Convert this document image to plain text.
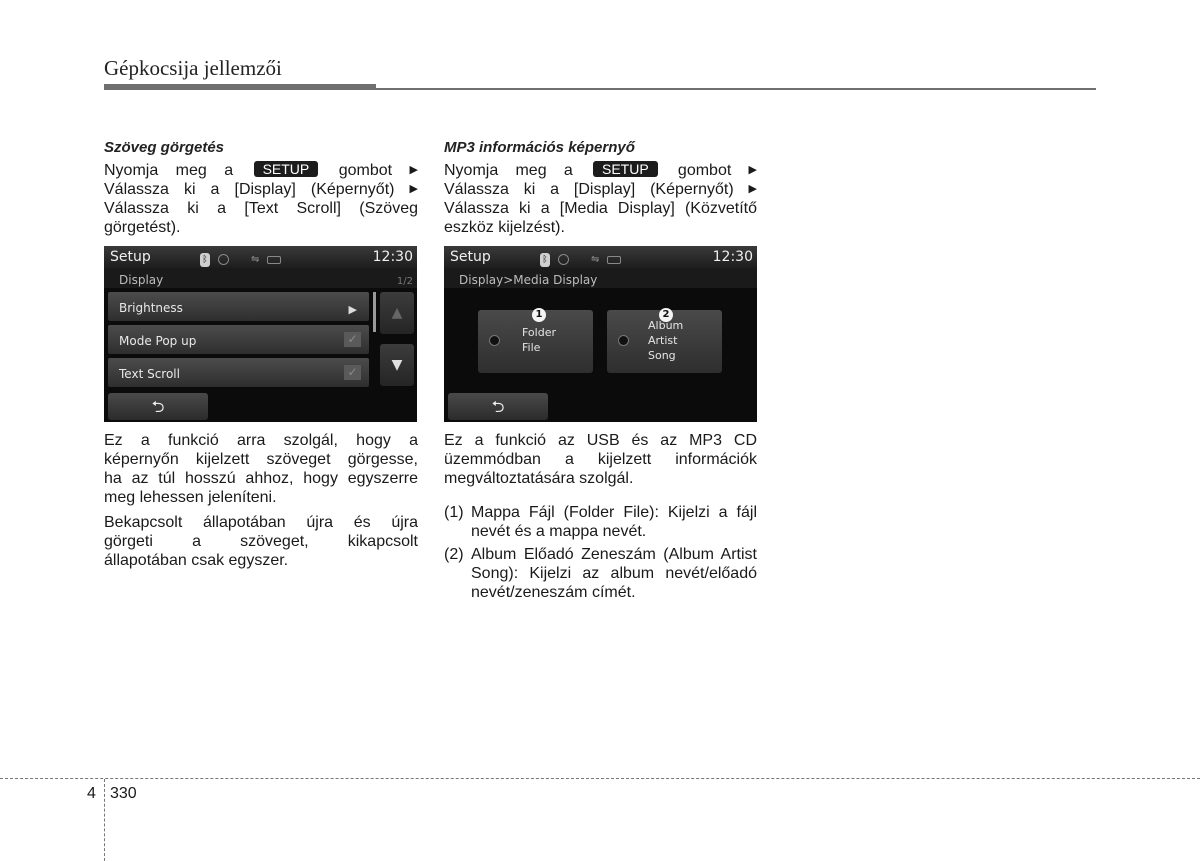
Gépkocsija jellemzői
Szöveg görgetés
Nyomja meg a SETUP gombot ▶
Válassza ki a [Display] (Képernyőt) ▶
Válassza ki a [Text Scroll] (Szöveg
görgetést).
Setup	ᛒ	⇋	12:30
Display	1/2
Brightness	▶
Mode Pop up	✓
Text Scroll	✓
▲
▼
⮌
Ez a funkció arra szolgál, hogy a
képernyőn kijelzett szöveget görgesse,
ha az túl hosszú ahhoz, hogy egyszerre
meg lehessen jeleníteni.
Bekapcsolt állapotában újra és újra
görgeti a szöveget, kikapcsolt
állapotában csak egyszer.
MP3 információs képernyő
Nyomja meg a SETUP gombot ▶
Válassza ki a [Display] (Képernyőt) ▶
Válassza ki a [Media Display] (Közvetítő
eszköz kijelzést).
Setup	ᛒ	⇋	12:30
Display>Media Display
1
Folder
File
2
Album
Artist
Song
⮌
Ez a funkció az USB és az MP3 CD
üzemmódban a kijelzett információk
megváltoztatására szolgál.
(1) Mappa Fájl (Folder File): Kijelzi a fájl nevét és a mappa nevét.
(2) Album Előadó Zeneszám (Album Artist Song): Kijelzi az album nevét/előadó nevét/zeneszám címét.
4 330
